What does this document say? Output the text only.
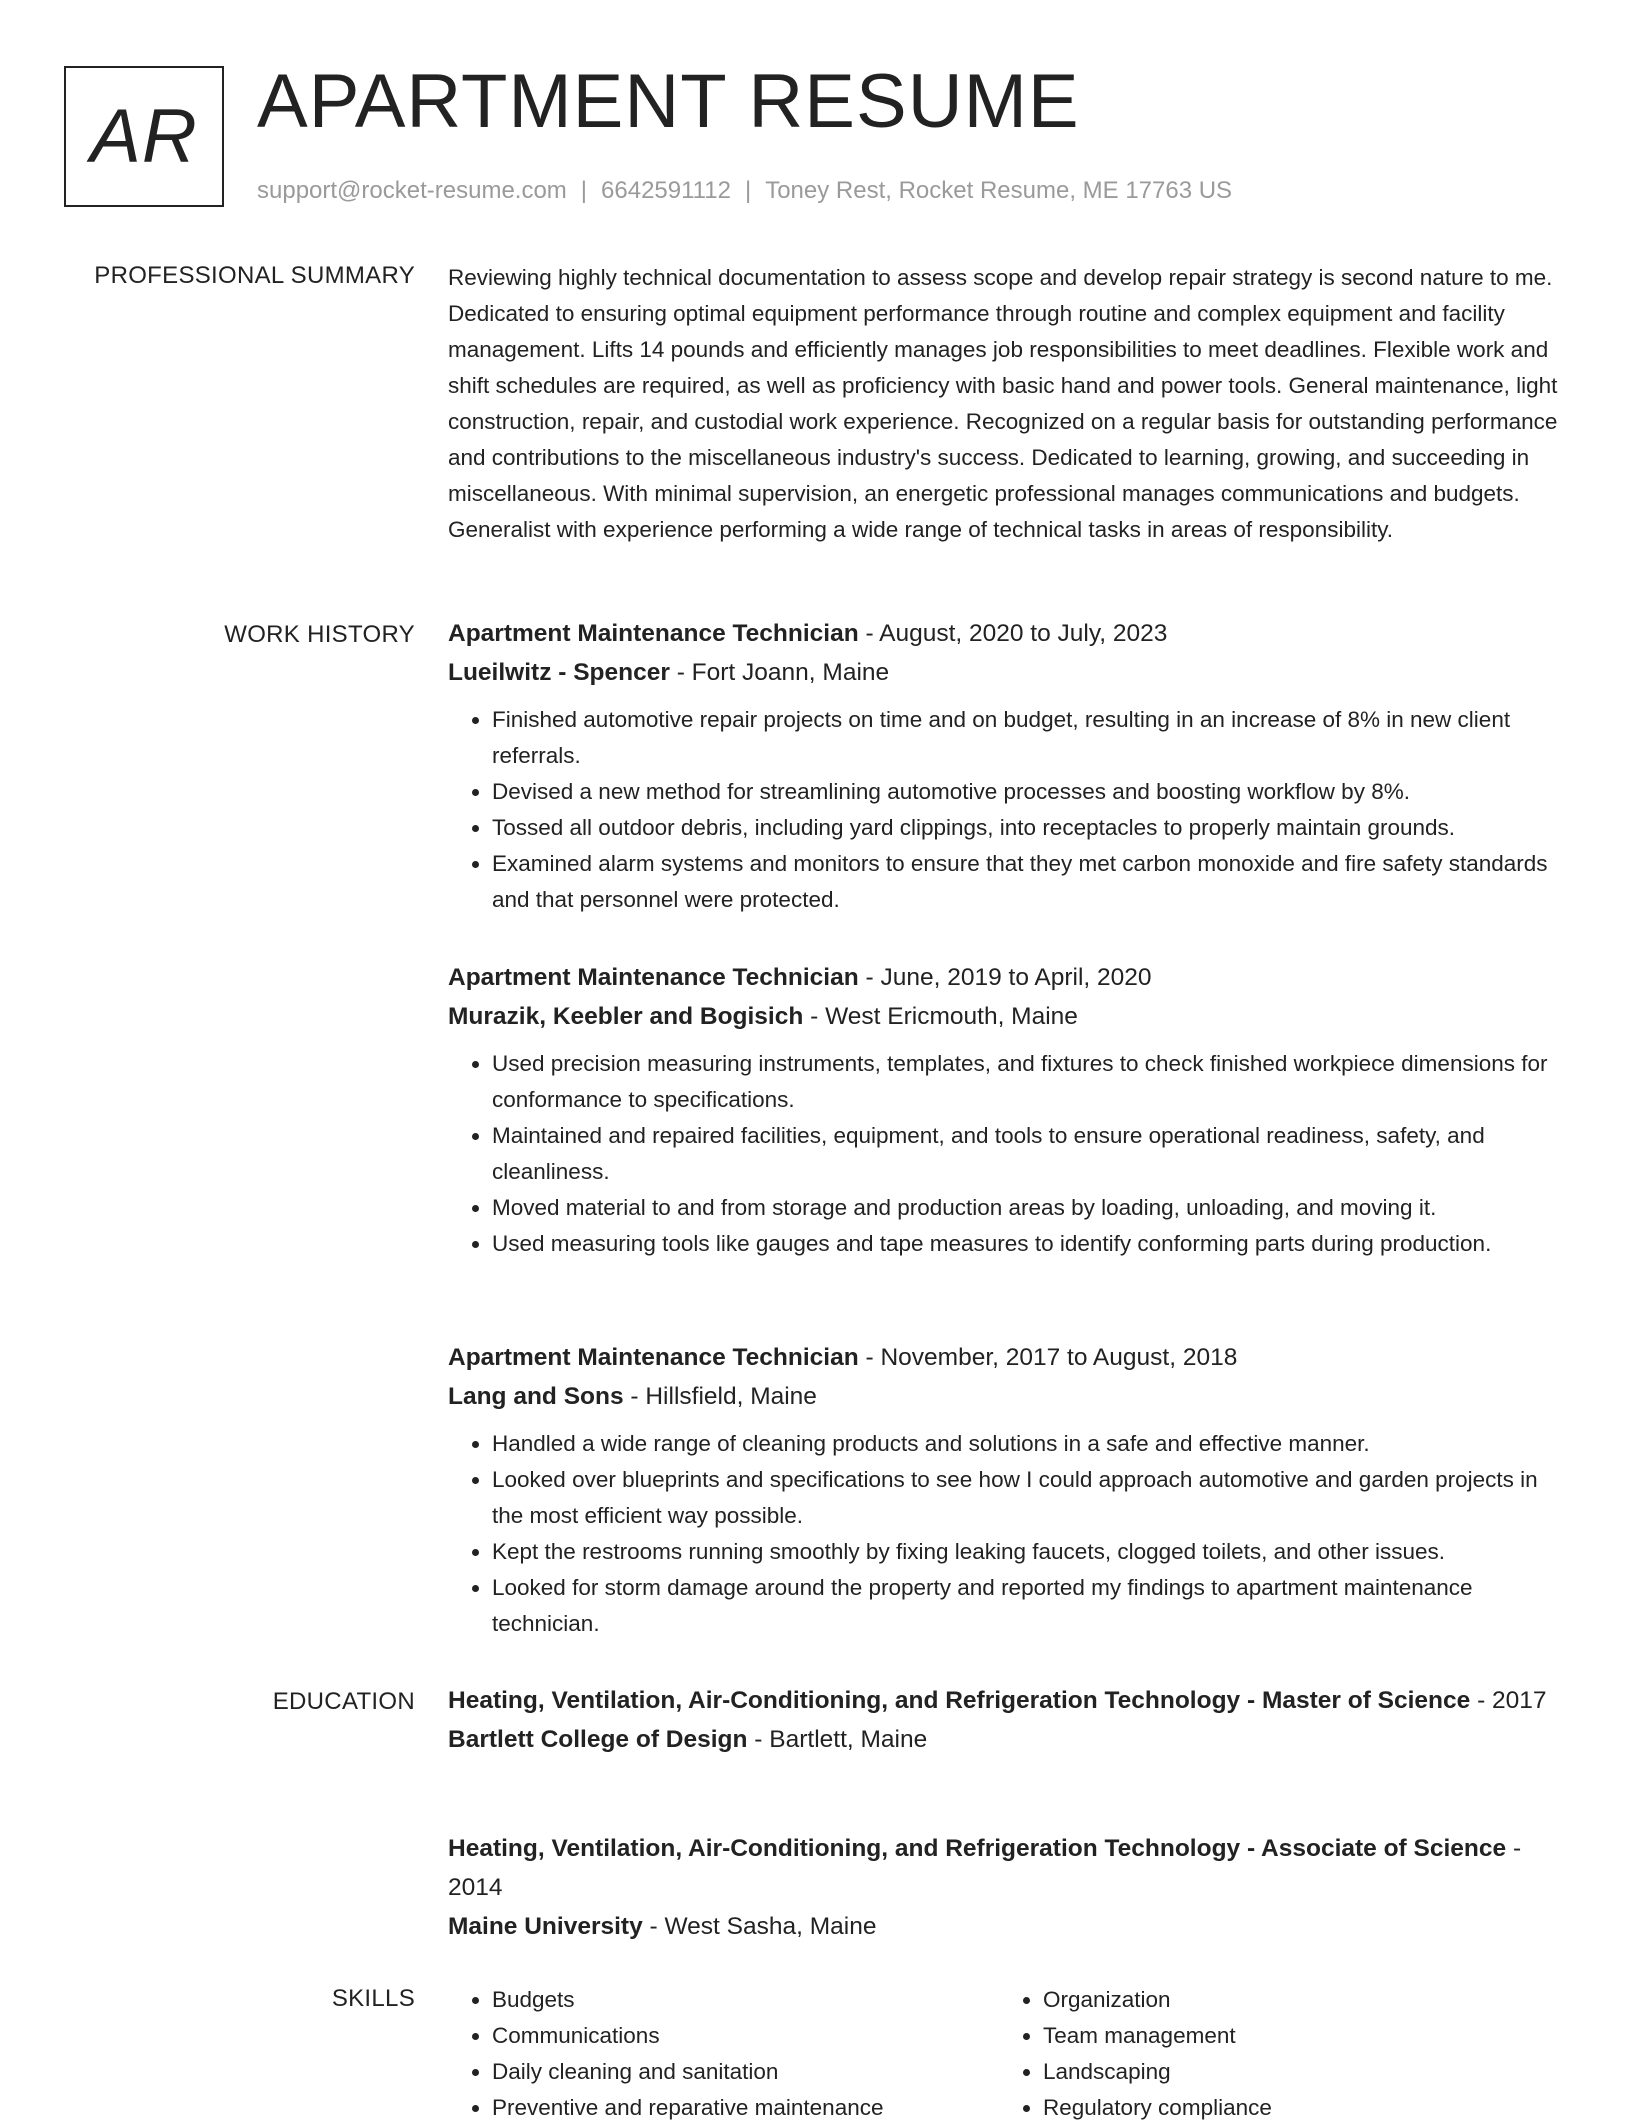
AR APARTMENT RESUME
support@rocket-resume.com | 6642591112 | Toney Rest, Rocket Resume, ME 17763 US
PROFESSIONAL SUMMARY Reviewing highly technical documentation to assess scope and develop repair strategy is second nature to me. Dedicated to ensuring optimal equipment performance through routine and complex equipment and facility management. Lifts 14 pounds and efficiently manages job responsibilities to meet deadlines. Flexible work and shift schedules are required, as well as proficiency with basic hand and power tools. General maintenance, light construction, repair, and custodial work experience. Recognized on a regular basis for outstanding performance and contributions to the miscellaneous industry's success. Dedicated to learning, growing, and succeeding in miscellaneous. With minimal supervision, an energetic professional manages communications and budgets. Generalist with experience performing a wide range of technical tasks in areas of responsibility.

WORK HISTORY Apartment Maintenance Technician - August, 2020 to July, 2023

Lueilwitz - Spencer - Fort Joann, Maine

• Finished automotive repair projects on time and on budget, resulting in an increase of 8% in new client referrals.
• Devised a new method for streamlining automotive processes and boosting workflow by 8%.
• Tossed all outdoor debris, including yard clippings, into receptacles to properly maintain grounds.
• Examined alarm systems and monitors to ensure that they met carbon monoxide and fire safety standards and that personnel were protected.

Apartment Maintenance Technician - June, 2019 to April, 2020

Murazik, Keebler and Bogisich - West Ericmouth, Maine

• Used precision measuring instruments, templates, and fixtures to check finished workpiece dimensions for conformance to specifications.
• Maintained and repaired facilities, equipment, and tools to ensure operational readiness, safety, and cleanliness.
• Moved material to and from storage and production areas by loading, unloading, and moving it.
• Used measuring tools like gauges and tape measures to identify conforming parts during production.

Apartment Maintenance Technician - November, 2017 to August, 2018

Lang and Sons - Hillsfield, Maine

• Handled a wide range of cleaning products and solutions in a safe and effective manner.
• Looked over blueprints and specifications to see how I could approach automotive and garden projects in the most efficient way possible.
• Kept the restrooms running smoothly by fixing leaking faucets, clogged toilets, and other issues.
• Looked for storm damage around the property and reported my findings to apartment maintenance technician.
EDUCATION Heating, Ventilation, Air-Conditioning, and Refrigeration Technology - Master of Science - 2017

Bartlett College of Design - Bartlett, Maine

Heating, Ventilation, Air-Conditioning, and Refrigeration Technology - Associate of Science - 2014

Maine University - West Sasha, Maine

SKILLS
•	Budgets
• Communications
• Daily cleaning and sanitation
• Preventive and reparative maintenance
• Organization
• Team management
• Landscaping
• Regulatory compliance
